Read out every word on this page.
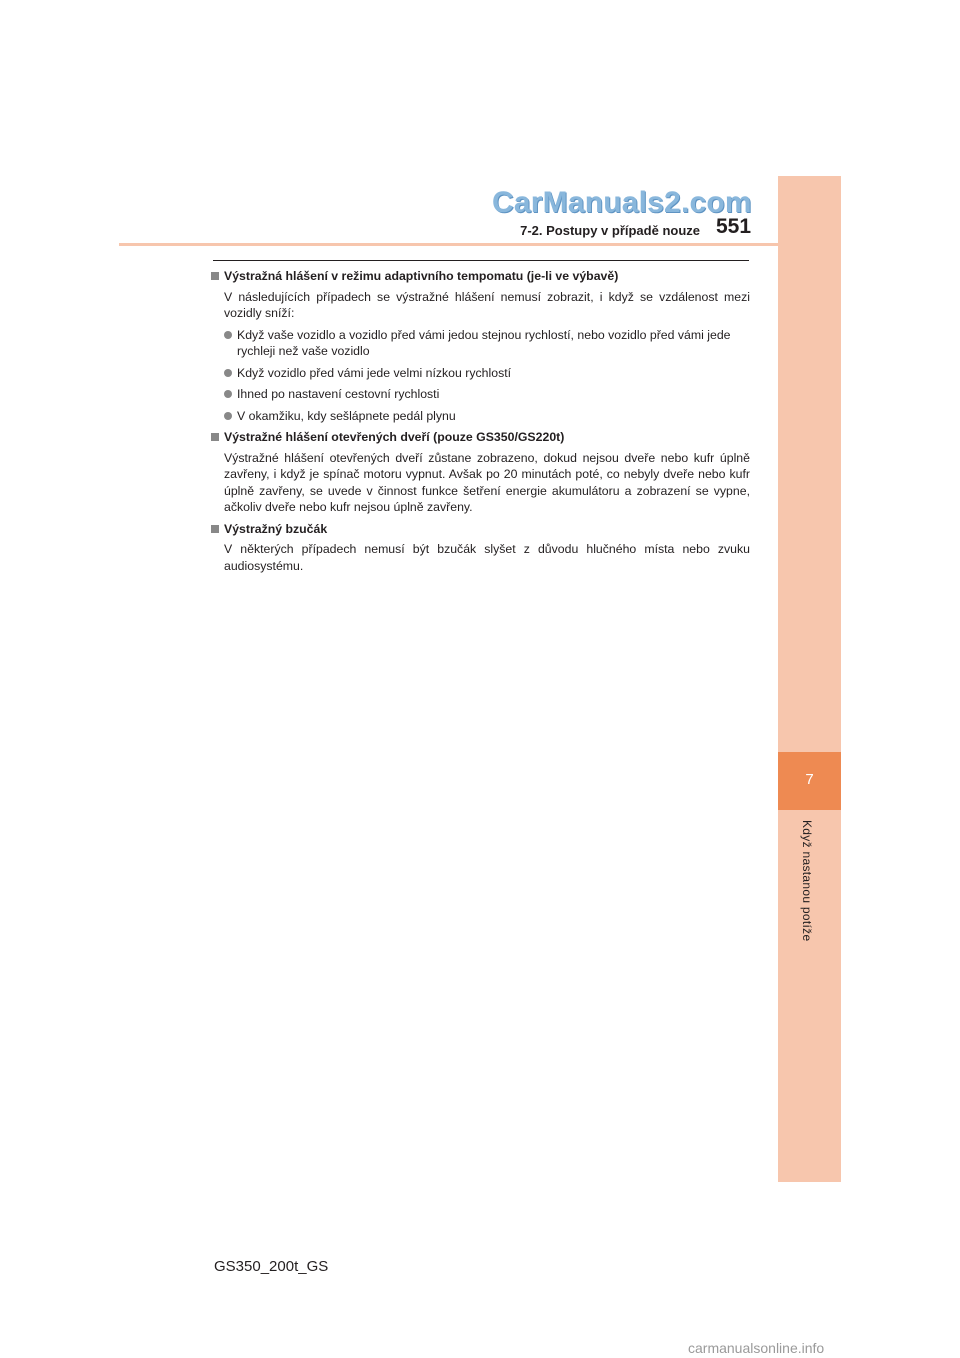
7
Když nastanou potíže
CarManuals2.com
7-2. Postupy v případě nouze 551
Výstražná hlášení v režimu adaptivního tempomatu (je-li ve výbavě)
V následujících případech se výstražné hlášení nemusí zobrazit, i když se vzdálenost mezi vozidly sníží:
Když vaše vozidlo a vozidlo před vámi jedou stejnou rychlostí, nebo vozidlo před vámi jede rychleji než vaše vozidlo
Když vozidlo před vámi jede velmi nízkou rychlostí
Ihned po nastavení cestovní rychlosti
V okamžiku, kdy sešlápnete pedál plynu
Výstražné hlášení otevřených dveří (pouze GS350/GS220t)
Výstražné hlášení otevřených dveří zůstane zobrazeno, dokud nejsou dveře nebo kufr úplně zavřeny, i když je spínač motoru vypnut. Avšak po 20 minutách poté, co nebyly dveře nebo kufr úplně zavřeny, se uvede v činnost funkce šetření energie akumulátoru a zobrazení se vypne, ačkoliv dveře nebo kufr nejsou úplně zavřeny.
Výstražný bzučák
V některých případech nemusí být bzučák slyšet z důvodu hlučného místa nebo zvuku audiosystému.
GS350_200t_GS
carmanualsonline.info
